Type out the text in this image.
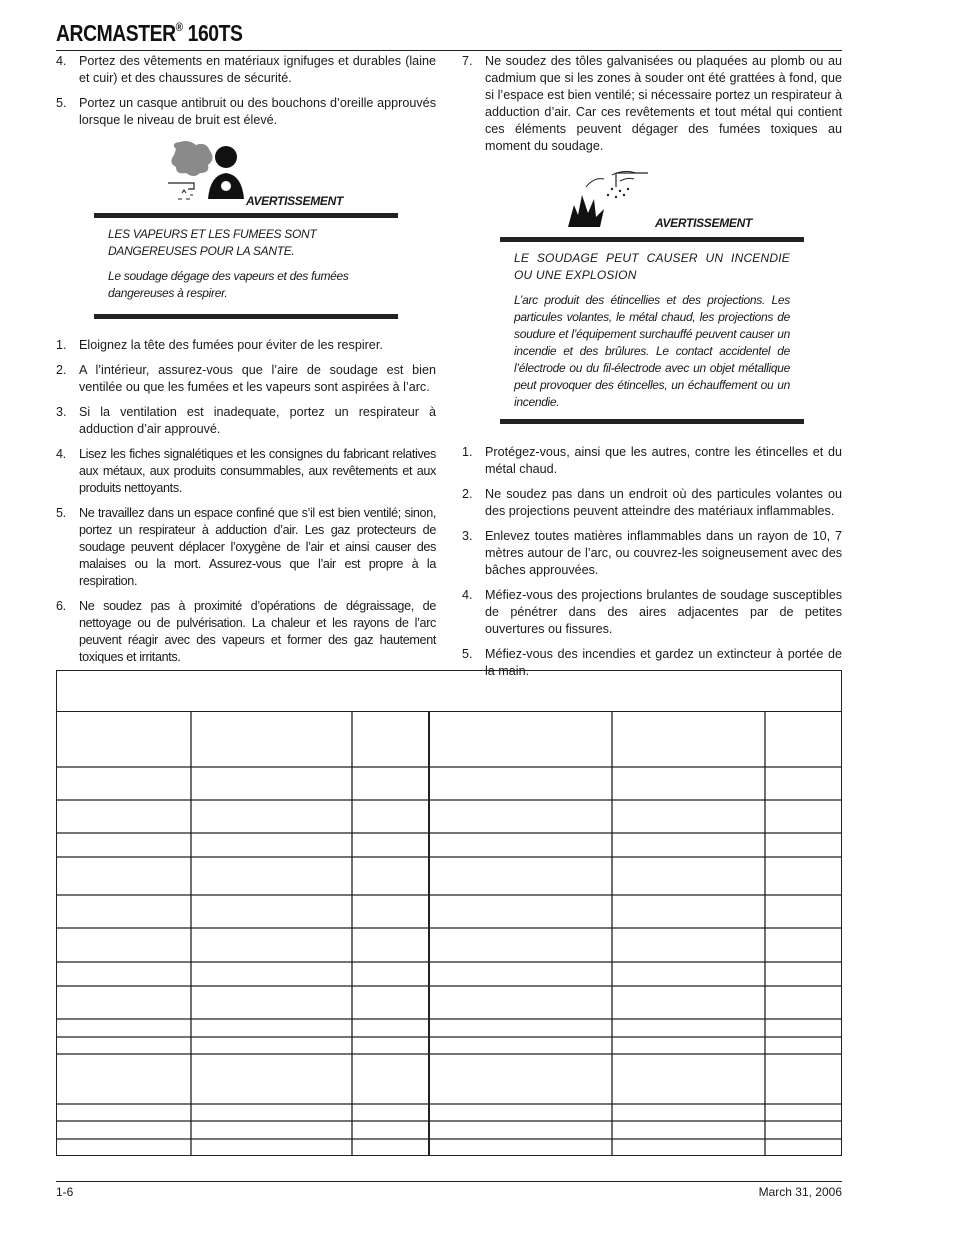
ARCMASTER® 160TS
4. Portez des vêtements en matériaux ignifuges et durables (laine et cuir) et des chaussures de sécurité.
5. Portez un casque antibruit ou des bouchons d’oreille approuvés lorsque le niveau de bruit est élevé.
AVERTISSEMENT

LES VAPEURS ET LES FUMEES SONT DANGEREUSES POUR LA SANTE.

Le soudage dégage des vapeurs et des fumées dangereuses à respirer.

1. Eloignez la tête des fumées pour éviter de les respirer.
2. A l’intérieur, assurez-vous que l’aire de soudage est bien ventilée ou que les fumées et les vapeurs sont aspirées à l’arc.
3. Si la ventilation est inadequate, portez un respirateur à adduction d’air approuvé.
4.	Lisez les fiches signalétiques et les consignes du fabricant relatives aux métaux, aux produits consummables, aux revêtements et aux produits nettoyants.
5.	Ne travaillez dans un espace confiné que s’il est bien ventilé; sinon, portez un respirateur à adduction d’air. Les gaz protecteurs de soudage peuvent déplacer l’oxygène de l’air et ainsi causer des malaises ou la mort. Assurez-vous que l’air est propre à la respiration.
6.	Ne soudez pas à proximité d’opérations de dégraissage, de nettoyage ou de pulvérisation. La chaleur et les rayons de l’arc peuvent réagir avec des vapeurs et former des gaz hautement toxiques et irritants.
7. Ne soudez des tôles galvanisées ou plaquées au plomb ou au cadmium que si les zones à souder ont été grattées à fond, que si l’espace est bien ventilé; si nécessaire portez un respirateur à adduction d’air. Car ces revêtements et tout métal qui contient ces éléments peuvent dégager des fumées toxiques au moment du soudage.
AVERTISSEMENT

LE SOUDAGE PEUT CAUSER UN INCENDIE OU UNE EXPLOSION

L’arc produit des étincellies et des projections. Les particules volantes, le métal chaud, les projections de soudure et l’équipement surchauffé peuvent causer un incendie et des brûlures. Le contact accidentel de l’électrode ou du fil-électrode avec un objet métallique peut provoquer des étincelles, un échauffement ou un incendie.

1. Protégez-vous, ainsi que les autres, contre les étincelles et du métal chaud.
2. Ne soudez pas dans un endroit où des particules volantes ou des projections peuvent atteindre des matériaux inflammables.
3. Enlevez toutes matières inflammables dans un rayon de 10, 7 mètres autour de l’arc, ou couvrez-les soigneusement avec des bâches approuvées.
4. Méfiez-vous des projections brulantes de soudage susceptibles de pénétrer dans des aires adjacentes par de petites ouvertures ou fissures.
5. Méfiez-vous des incendies et gardez un extincteur à portée de la main.
1-6	March 31, 2006
